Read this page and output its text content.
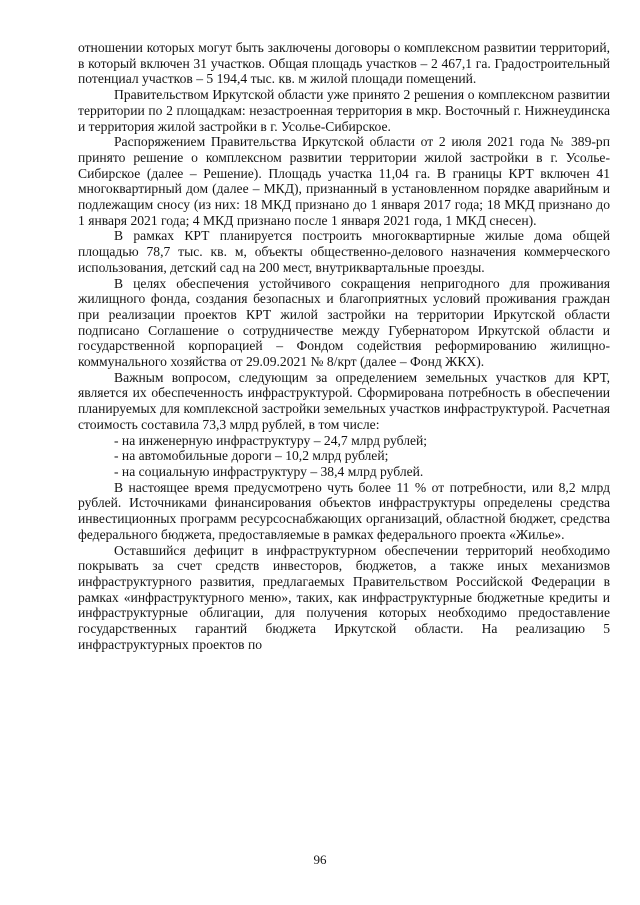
отношении которых могут быть заключены договоры о комплексном развитии территорий, в который включен 31 участков. Общая площадь участков – 2 467,1 га. Градостроительный потенциал участков – 5 194,4 тыс. кв. м жилой площади помещений.

Правительством Иркутской области уже принято 2 решения о комплексном развитии территории по 2 площадкам: незастроенная территория в мкр. Восточный г. Нижнеудинска и территория жилой застройки в г. Усолье-Сибирское.

Распоряжением Правительства Иркутской области от 2 июля 2021 года № 389-рп принято решение о комплексном развитии территории жилой застройки в г. Усолье-Сибирское (далее – Решение). Площадь участка 11,04 га. В границы КРТ включен 41 многоквартирный дом (далее – МКД), признанный в установленном порядке аварийным и подлежащим сносу (из них: 18 МКД признано до 1 января 2017 года; 18 МКД признано до 1 января 2021 года; 4 МКД признано после 1 января 2021 года, 1 МКД снесен).

В рамках КРТ планируется построить многоквартирные жилые дома общей площадью 78,7 тыс. кв. м, объекты общественно-делового назначения коммерческого использования, детский сад на 200 мест, внутриквартальные проезды.

В целях обеспечения устойчивого сокращения непригодного для проживания жилищного фонда, создания безопасных и благоприятных условий проживания граждан при реализации проектов КРТ жилой застройки на территории Иркутской области подписано Соглашение о сотрудничестве между Губернатором Иркутской области и государственной корпорацией – Фондом содействия реформированию жилищно-коммунального хозяйства от 29.09.2021 № 8/крт (далее – Фонд ЖКХ).

Важным вопросом, следующим за определением земельных участков для КРТ, является их обеспеченность инфраструктурой. Сформирована потребность в обеспечении планируемых для комплексной застройки земельных участков инфраструктурой. Расчетная стоимость составила 73,3 млрд рублей, в том числе:

- на инженерную инфраструктуру – 24,7 млрд рублей;

- на автомобильные дороги – 10,2 млрд рублей;

- на социальную инфраструктуру – 38,4 млрд рублей.

В настоящее время предусмотрено чуть более 11 % от потребности, или 8,2 млрд рублей. Источниками финансирования объектов инфраструктуры определены средства инвестиционных программ ресурсоснабжающих организаций, областной бюджет, средства федерального бюджета, предоставляемые в рамках федерального проекта «Жилье».

Оставшийся дефицит в инфраструктурном обеспечении территорий необходимо покрывать за счет средств инвесторов, бюджетов, а также иных механизмов инфраструктурного развития, предлагаемых Правительством Российской Федерации в рамках «инфраструктурного меню», таких, как инфраструктурные бюджетные кредиты и инфраструктурные облигации, для получения которых необходимо предоставление государственных гарантий бюджета Иркутской области. На реализацию 5 инфраструктурных проектов по

96
